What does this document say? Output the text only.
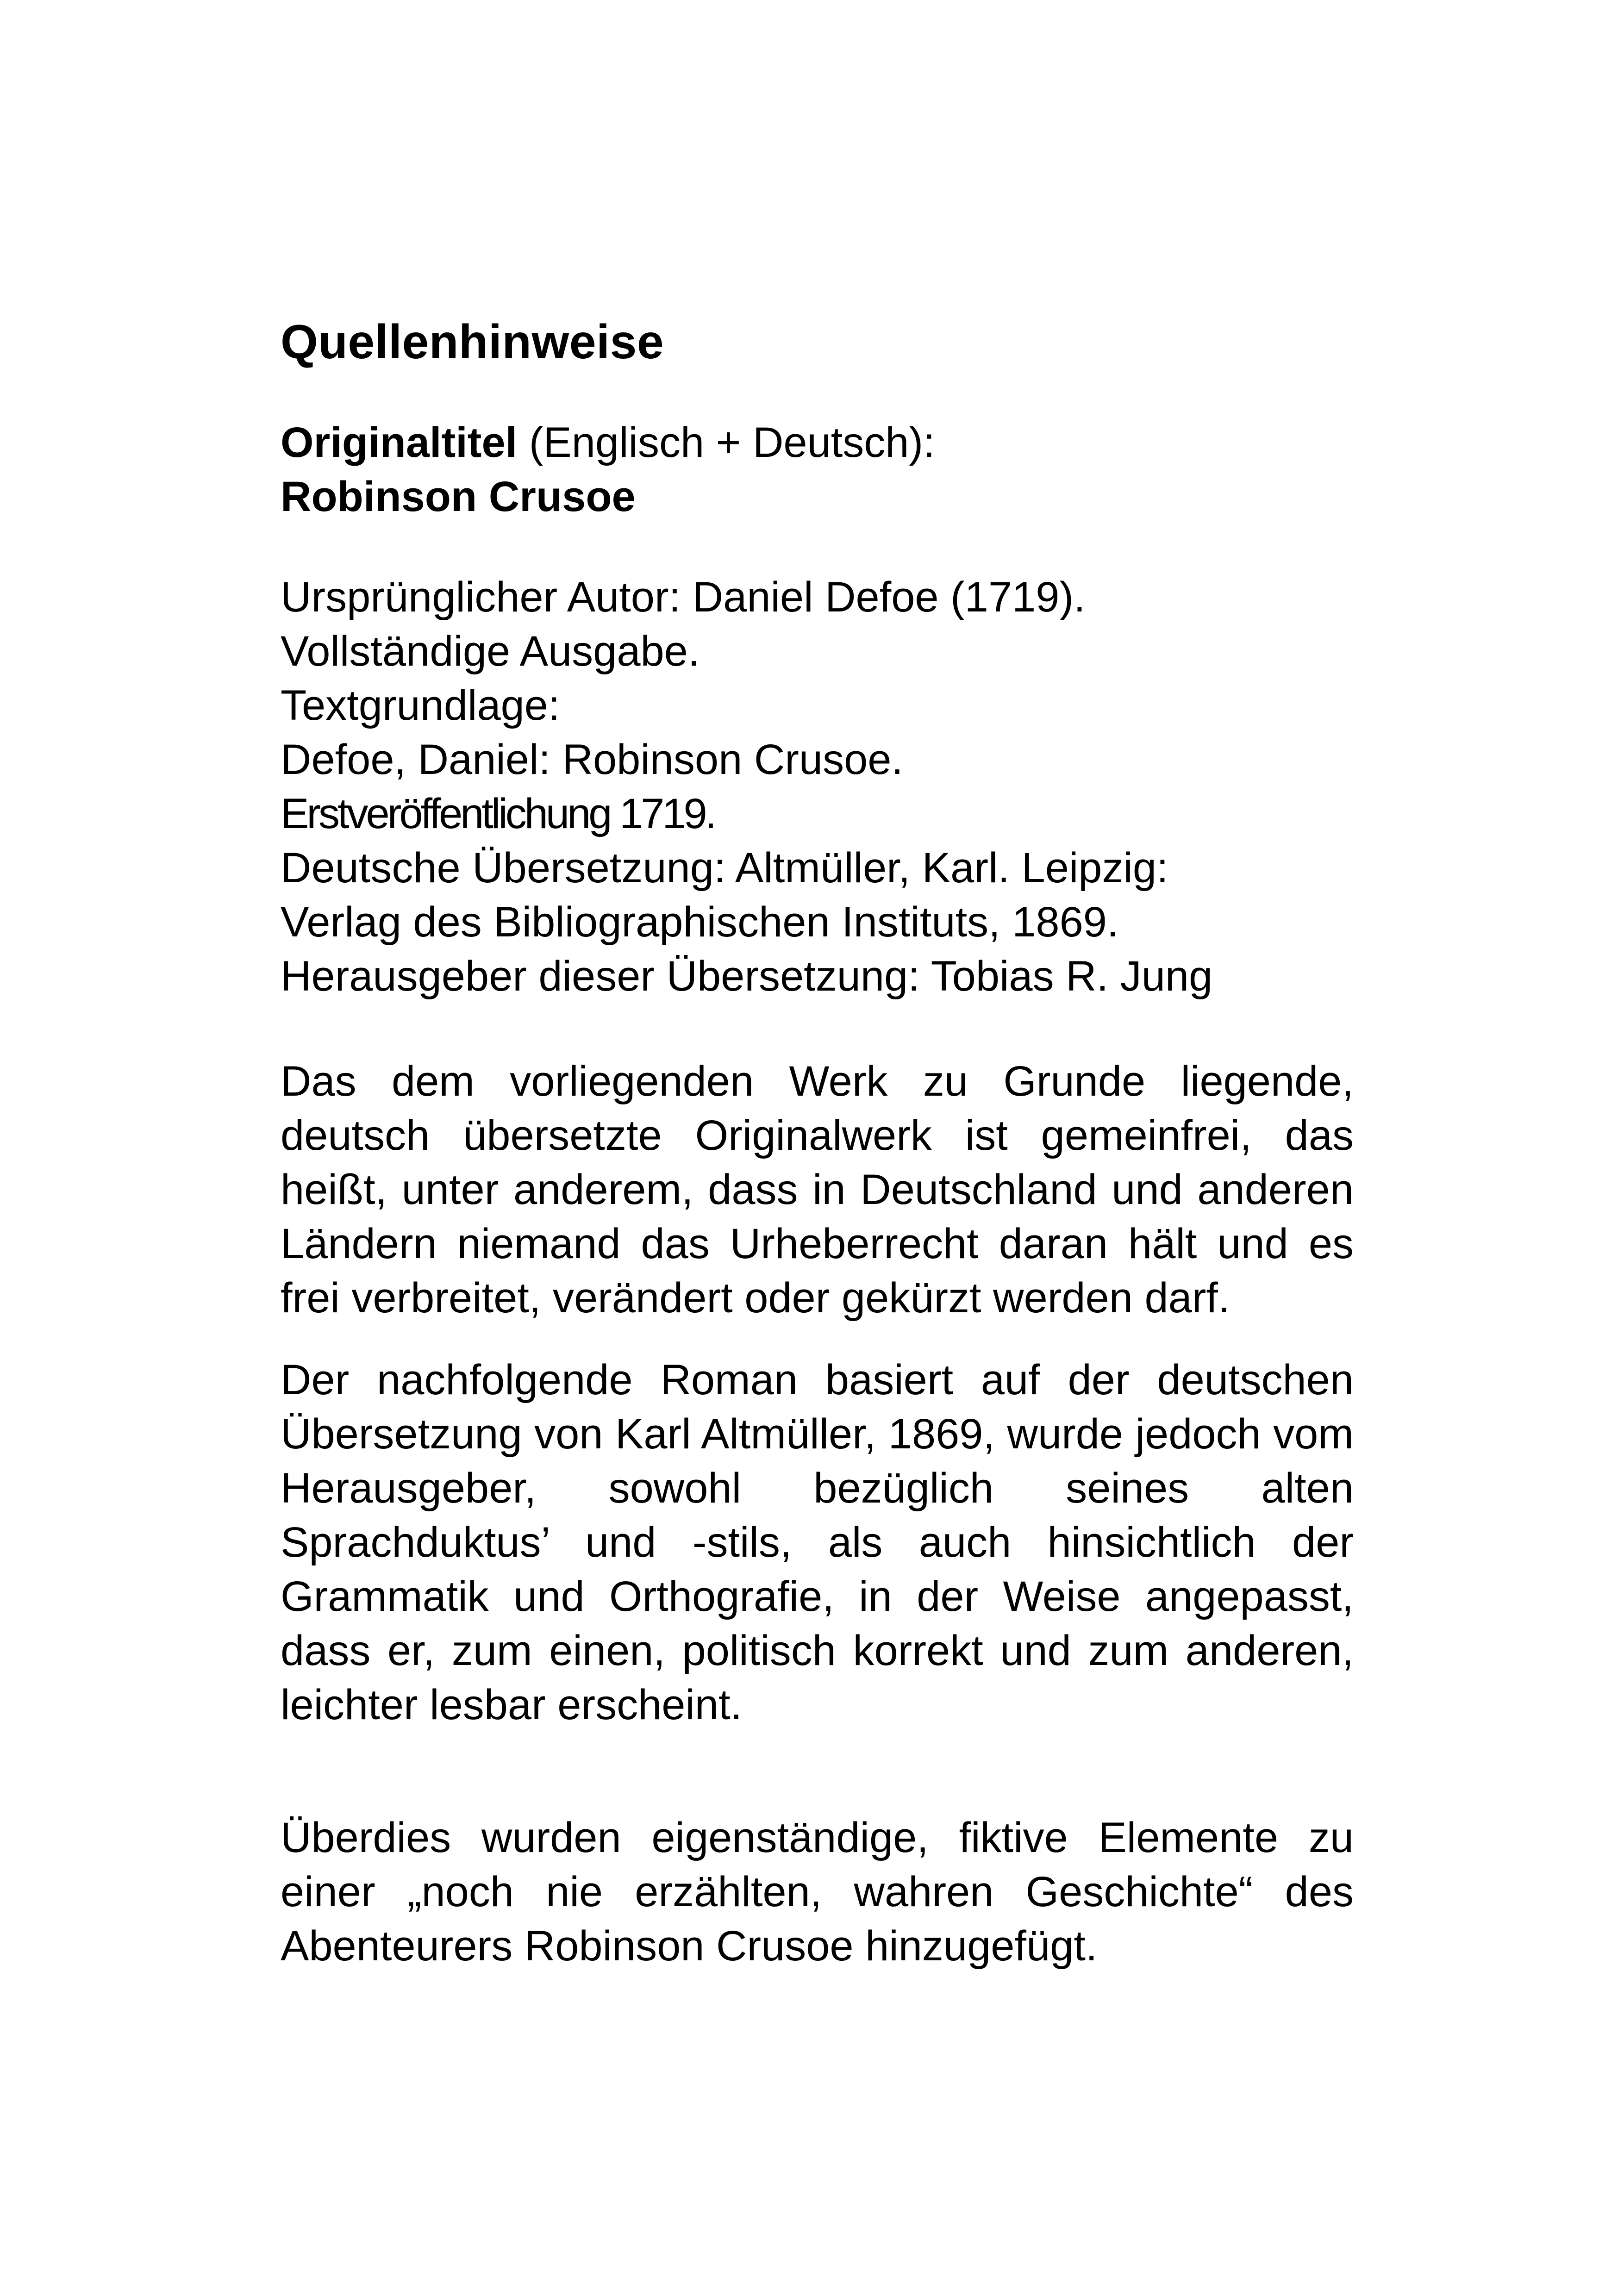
Quellenhinweise
Originaltitel (Englisch + Deutsch):
Robinson Crusoe
Ursprünglicher Autor: Daniel Defoe (1719).
Vollständige Ausgabe.
Textgrundlage:
Defoe, Daniel: Robinson Crusoe.
Erstveröffentlichung 1719.
Deutsche Übersetzung: Altmüller, Karl. Leipzig:
Verlag des Bibliographischen Instituts, 1869.
Herausgeber dieser Übersetzung: Tobias R. Jung

Das dem vorliegenden Werk zu Grunde liegende, deutsch übersetzte Originalwerk ist gemeinfrei, das heißt, unter anderem, dass in Deutschland und anderen Ländern niemand das Urheberrecht daran hält und es frei verbreitet, verändert oder gekürzt werden darf.

Der nachfolgende Roman basiert auf der deutschen Übersetzung von Karl Altmüller, 1869, wurde jedoch vom Herausgeber, sowohl bezüglich seines alten Sprachduktus’ und -stils, als auch hinsichtlich der Grammatik und Orthografie, in der Weise angepasst, dass er, zum einen, politisch korrekt und zum anderen, leichter lesbar erscheint.

Überdies wurden eigenständige, fiktive Elemente zu einer „noch nie erzählten, wahren Geschichte“ des Abenteurers Robinson Crusoe hinzugefügt.
